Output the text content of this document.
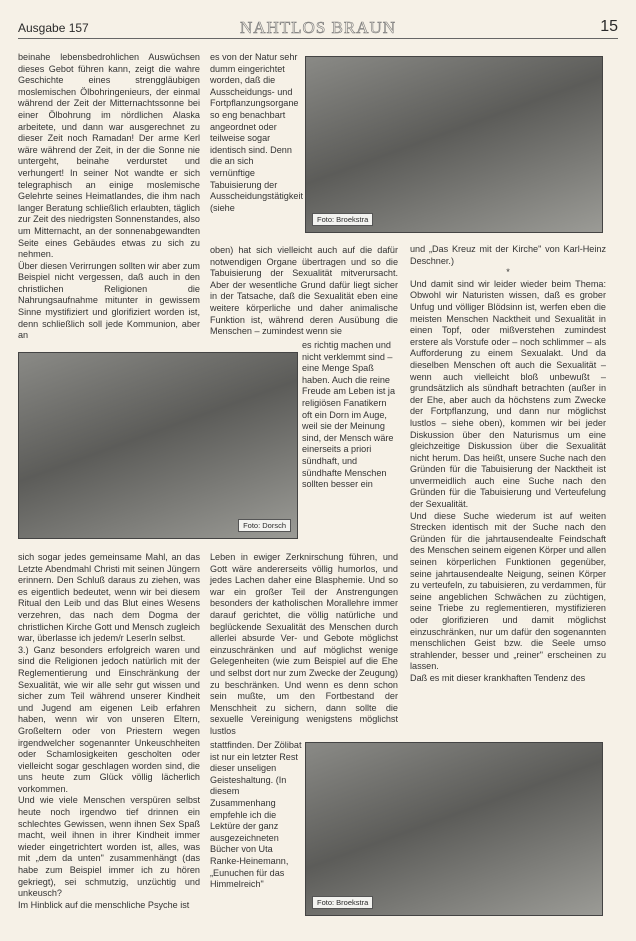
Ausgabe 157	NAHTLOS BRAUN	15

beinahe lebensbedrohlichen Auswüchsen dieses Gebot führen kann, zeigt die wahre Geschichte eines strenggläubigen moslemischen Ölbohringenieurs, der einmal während der Zeit der Mitternachtssonne bei einer Ölbohrung im nördlichen Alaska arbeitete, und dann war ausgerechnet zu dieser Zeit noch Ramadan! Der arme Kerl wäre während der Zeit, in der die Sonne nie untergeht, beinahe verdurstet und verhungert! In seiner Not wandte er sich telegraphisch an einige moslemische Gelehrte seines Heimatlandes, die ihm nach langer Beratung schließlich erlaubten, täglich zur Zeit des niedrigsten Sonnenstandes, also um Mitternacht, an der sonnenabgewandten Seite eines Gebäudes etwas zu sich zu nehmen.

Über diesen Verirrungen sollten wir aber zum Beispiel nicht vergessen, daß auch in den christlichen Religionen die Nahrungsaufnahme mitunter in gewissem Sinne mystifiziert und glorifiziert worden ist, denn schließlich soll jede Kommunion, aber an

es von der Natur sehr dumm eingerichtet worden, daß die Ausscheidungs- und Fortpflanzungsorgane so eng benachbart angeordnet oder teilweise sogar identisch sind. Denn die an sich vernünftige Tabuisierung der Ausscheidungstätigkeit (siehe

Foto: Broekstra

oben) hat sich vielleicht auch auf die dafür notwendigen Organe übertragen und so die Tabuisierung der Sexualität mitverursacht. Aber der wesentliche Grund dafür liegt sicher in der Tatsache, daß die Sexualität eben eine weitere körperliche und daher animalische Funktion ist, während deren Ausübung die Menschen – zumindest wenn sie

es richtig machen und nicht verklemmt sind – eine Menge Spaß haben. Auch die reine Freude am Leben ist ja religiösen Fanatikern oft ein Dorn im Auge, weil sie der Meinung sind, der Mensch wäre einerseits a priori sündhaft, und sündhafte Menschen sollten besser ein

Foto: Dorsch

und „Das Kreuz mit der Kirche" von Karl-Heinz Deschner.)

*

Und damit sind wir leider wieder beim Thema: Obwohl wir Naturisten wissen, daß es grober Unfug und völliger Blödsinn ist, werfen eben die meisten Menschen Nacktheit und Sexualität in einen Topf, oder mißverstehen zumindest erstere als Vorstufe oder – noch schlimmer – als Aufforderung zu einem Sexualakt. Und da dieselben Menschen oft auch die Sexualität – wenn auch vielleicht bloß unbewußt – grundsätzlich als sündhaft betrachten (außer in der Ehe, aber auch da höchstens zum Zwecke der Fortpflanzung, und dann nur möglichst lustlos – siehe oben), kommen wir bei jeder Diskussion über den Naturismus um eine gleichzeitige Diskussion über die Sexualität nicht herum. Das heißt, unsere Suche nach den Gründen für die Tabuisierung der Nacktheit ist unvermeidlich auch eine Suche nach den Gründen für die Tabuisierung und Verteufelung der Sexualität.

Und diese Suche wiederum ist auf weiten Strecken identisch mit der Suche nach den Gründen für die jahrtausendealte Feindschaft des Menschen seinem eigenen Körper und allen seinen körperlichen Funktionen gegenüber, seine jahrtausendealte Neigung, seinen Körper zu verteufeln, zu tabuisieren, zu verdammen, für seine angeblichen Schwächen zu züchtigen, seine Triebe zu reglementieren, mystifizieren oder glorifizieren und damit möglichst einzuschränken, nur um dafür den sogenannten menschlichen Geist bzw. die Seele umso strahlender, besser und „reiner" erscheinen zu lassen.

Daß es mit dieser krankhaften Tendenz des

sich sogar jedes gemeinsame Mahl, an das Letzte Abendmahl Christi mit seinen Jüngern erinnern. Den Schluß daraus zu ziehen, was es eigentlich bedeutet, wenn wir bei diesem Ritual den Leib und das Blut eines Wesens verzehren, das nach dem Dogma der christlichen Kirche Gott und Mensch zugleich war, überlasse ich jedem/r LeserIn selbst.

3.) Ganz besonders erfolgreich waren und sind die Religionen jedoch natürlich mit der Reglementierung und Einschränkung der Sexualität, wie wir alle sehr gut wissen und sicher zum Teil während unserer Kindheit und Jugend am eigenen Leib erfahren haben, wenn wir von unseren Eltern, Großeltern oder von Priestern wegen irgendwelcher sogenannter Unkeuschheiten oder Schamlosigkeiten gescholten oder vielleicht sogar geschlagen worden sind, die uns heute zum Glück völlig lächerlich vorkommen.

Und wie viele Menschen verspüren selbst heute noch irgendwo tief drinnen ein schlechtes Gewissen, wenn ihnen Sex Spaß macht, weil ihnen in ihrer Kindheit immer wieder eingetrichtert worden ist, alles, was mit „dem da unten" zusammenhängt (das habe zum Beispiel immer ich zu hören gekriegt), sei schmutzig, unzüchtig und unkeusch?

Im Hinblick auf die menschliche Psyche ist

Leben in ewiger Zerknirschung führen, und Gott wäre andererseits völlig humorlos, und jedes Lachen daher eine Blasphemie. Und so war ein großer Teil der Anstrengungen besonders der katholischen Morallehre immer darauf gerichtet, die völlig natürliche und beglückende Sexualität des Menschen durch allerlei absurde Ver- und Gebote möglichst einzuschränken und auf möglichst wenige Gelegenheiten (wie zum Beispiel auf die Ehe und selbst dort nur zum Zwecke der Zeugung) zu beschränken. Und wenn es denn schon sein mußte, um den Fortbestand der Menschheit zu sichern, dann sollte die sexuelle Vereinigung wenigstens möglichst lustlos

stattfinden. Der Zölibat ist nur ein letzter Rest dieser unseligen Geisteshaltung. (In diesem Zusammenhang empfehle ich die Lektüre der ganz ausgezeichneten Bücher von Uta Ranke-Heinemann, „Eunuchen für das Himmelreich"

Foto: Broekstra
